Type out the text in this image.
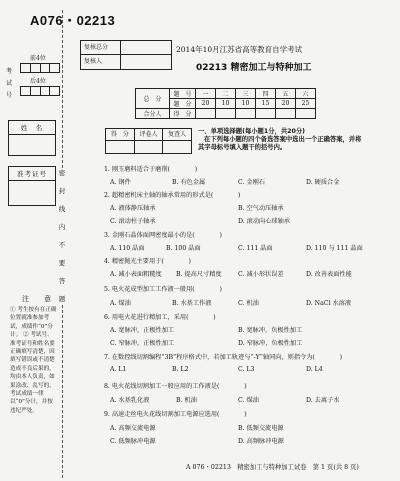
A076・02213
前4位
考
试
号
后4位
姓　名
准考证号	密
封
线
内
不
要
答
题
注　意
① 考生按有在正确位置就准参加考试，成绩作“0”分计。 ② 考试号、准考证号和姓名要正确填写清楚，因填写错误或不清楚造成不良后果的，均由本人负责，如果涂改、乱写的，考试成绩一律以“0”分计，并按违纪严处。
复核总分
复核人
2014年10月江苏省高等教育自学考试
02213 精密加工与特种加工
总　分	题　号	一	二	三	四	五	六
	题　分	20	10	10	15	20	25
合分人	得　分						
得　分	评卷人	复查人	一、单项选择题(每小题1分，共20分)
在下列每小题的四个备选答案中选出一个正确答案，并将
其字母标号填入题干的括号内。
1. 刚玉磨料适合于磨削(　　　　)
A. 钢件	B. 有色金属	C. 金刚石	D. 硬质合金
2. 超精密机床主轴的轴承常用的形式是(　　　　)
A. 液体静压轴承	B. 空气动压轴承
C. 滚动柱子轴承	D. 滚动向心球轴承
3. 金刚石晶体面网密度最小的是(　　　　)
A. 110 晶面	B. 100 晶面	C. 111 晶面	D. 110 与 111 晶面
4. 精密抛光主要用于(　　　　)
A. 减小表面粗糙度 B. 提高尺寸精度	C. 减小形状误差	D. 改善表面性能
5. 电火花成型加工工作液一般用(　　　　)
A. 煤油	B. 水基工作液	C. 机油	D. NaCl 水溶液
6. 用电火花进行精加工，采用(　　　　)
A. 宽脉冲，正极性加工	B. 宽脉冲，负极性加工
C. 窄脉冲，正极性加工	D. 窄脉冲，负极性加工
7. 在数控线切割编程“3B”程序格式中，若加工轨迹与“-Y”轴同向，则指令为(　　　　)
A. L1	B. L2	C. L3	D. L4
8. 电火花线切割加工一般应用的工作液是(　　　　)
A. 水基乳化液	B. 机油	C. 煤油	D. 去离子水
9. 高速走丝电火花线切割加工电源应选用(　　　　)
A. 高频交流电源	B. 低频交流电源
C. 低频脉冲电源	D. 高频脉冲电源
A 076・02213　精密加工与特种加工试卷　第 1 页(共 8 页)
